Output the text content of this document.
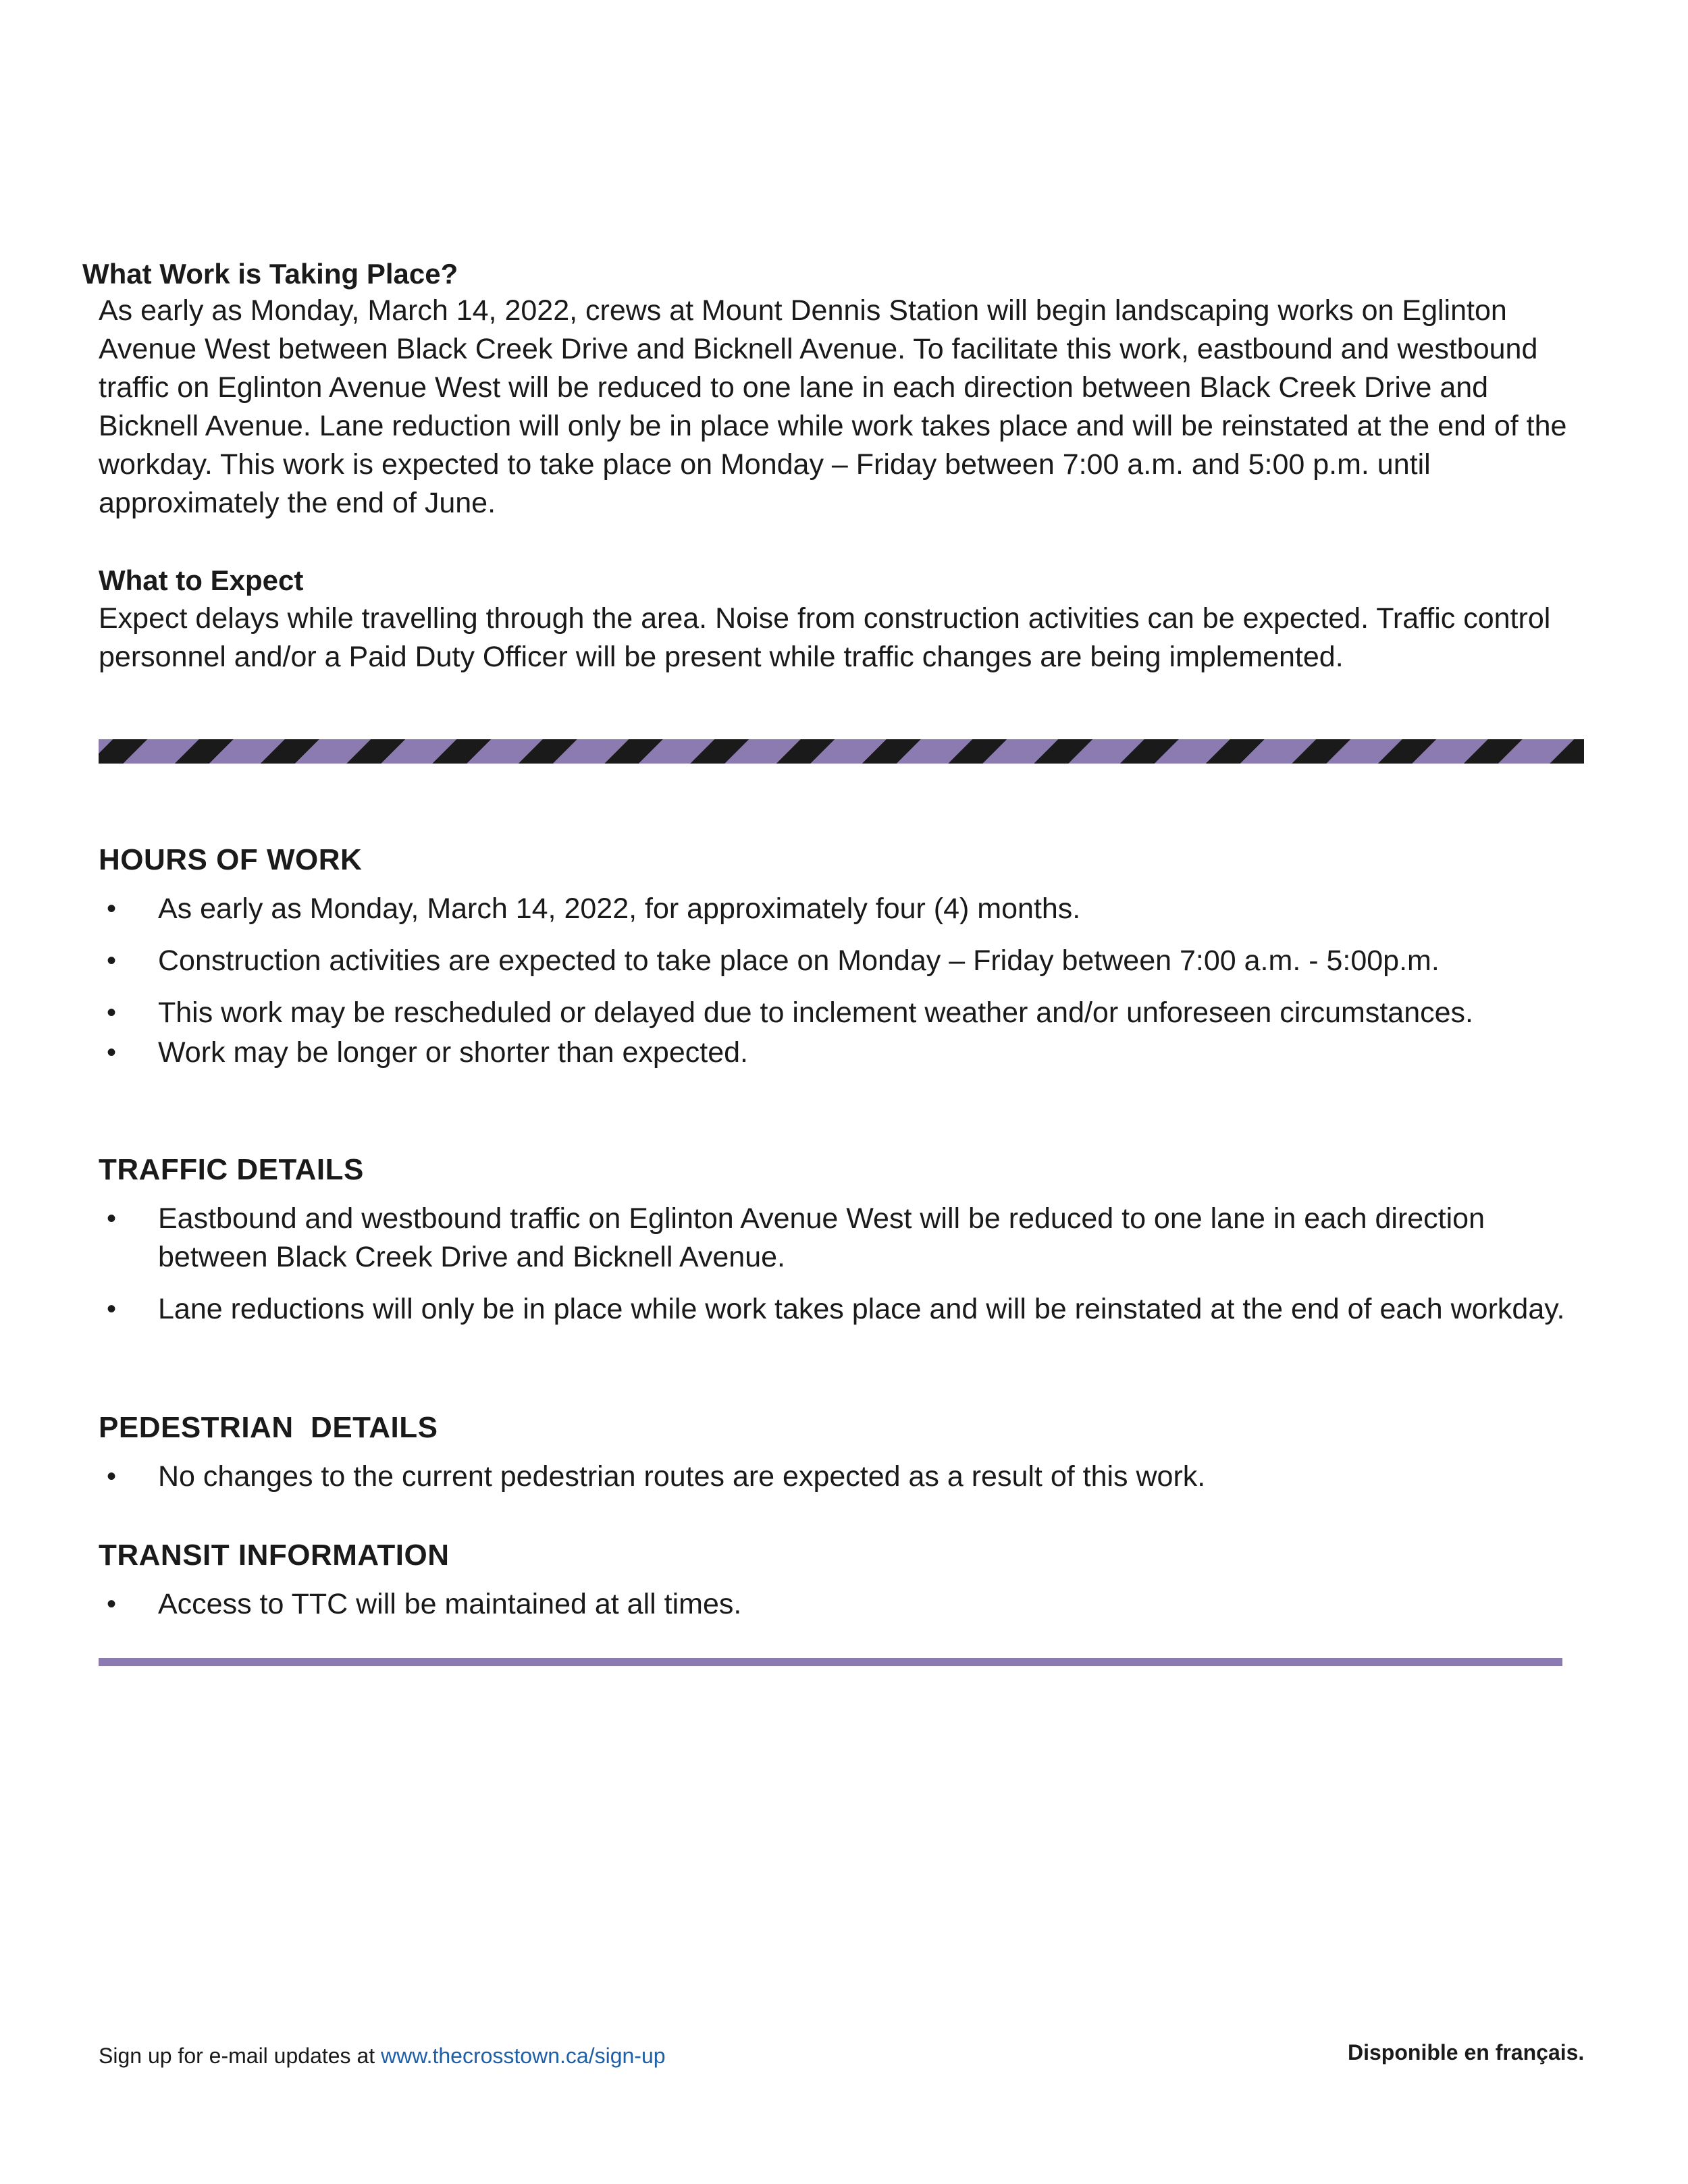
What Work is Taking Place?

As early as Monday, March 14, 2022, crews at Mount Dennis Station will begin landscaping works on Eglinton Avenue West between Black Creek Drive and Bicknell Avenue. To facilitate this work, eastbound and westbound traffic on Eglinton Avenue West will be reduced to one lane in each direction between Black Creek Drive and Bicknell Avenue. Lane reduction will only be in place while work takes place and will be reinstated at the end of the workday. This work is expected to take place on Monday – Friday between 7:00 a.m. and 5:00 p.m. until approximately the end of June.

What to Expect

Expect delays while travelling through the area. Noise from construction activities can be expected. Traffic control personnel and/or a Paid Duty Officer will be present while traffic changes are being implemented.

HOURS OF WORK
• As early as Monday, March 14, 2022, for approximately four (4) months.
• Construction activities are expected to take place on Monday – Friday between 7:00 a.m. - 5:00p.m.
• This work may be rescheduled or delayed due to inclement weather and/or unforeseen circumstances.
• Work may be longer or shorter than expected.
TRAFFIC DETAILS
• Eastbound and westbound traffic on Eglinton Avenue West will be reduced to one lane in each direction between Black Creek Drive and Bicknell Avenue.
• Lane reductions will only be in place while work takes place and will be reinstated at the end of each workday.
PEDESTRIAN  DETAILS
• No changes to the current pedestrian routes are expected as a result of this work.
TRANSIT INFORMATION
• Access to TTC will be maintained at all times.
Sign up for e-mail updates at www.thecrosstown.ca/sign-up	Disponible en français.
